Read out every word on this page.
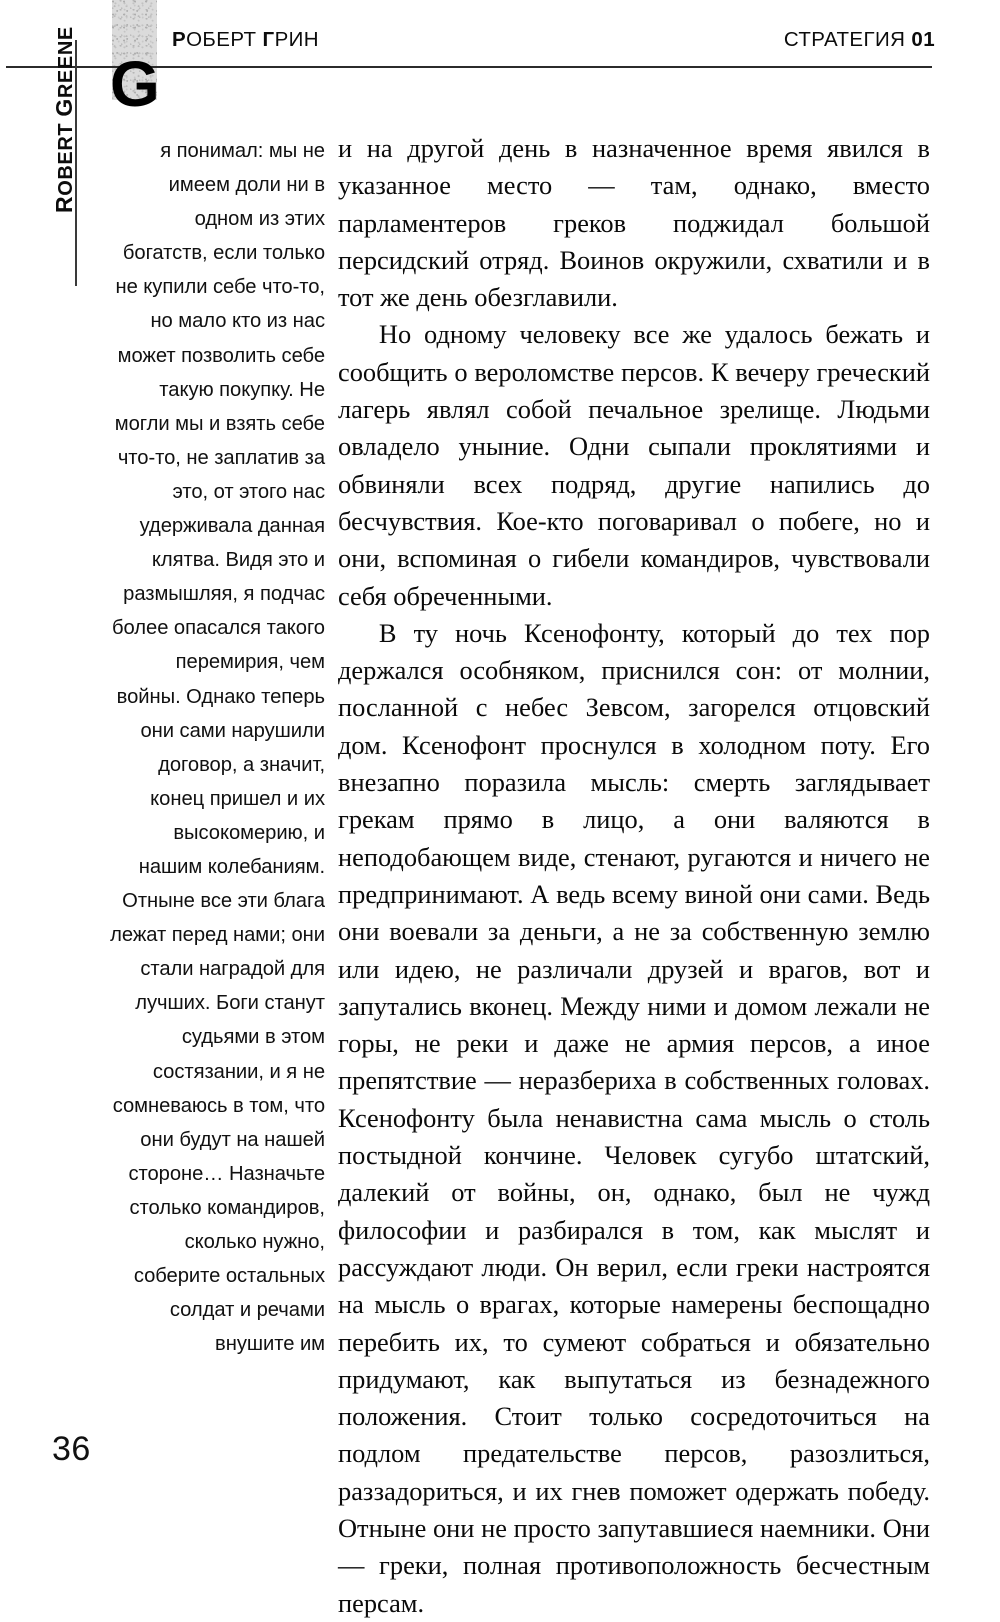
РОБЕРТ ГРИН	СТРАТЕГИЯ 01
G
ROBERT GREENE

я понимал: мы не имеем доли ни в одном из этих богатств, если только не купили себе что-то, но мало кто из нас может позволить себе такую покупку. Не могли мы и взять себе что-то, не заплатив за это, от этого нас удерживала данная клятва. Видя это и размышляя, я подчас более опасался такого перемирия, чем войны. Однако теперь они сами нарушили договор, а значит, конец пришел и их высокомерию, и нашим колебаниям. Отныне все эти блага лежат перед нами; они стали наградой для лучших. Боги станут судьями в этом состязании, и я не сомневаюсь в том, что они будут на нашей стороне… Назначьте столько командиров, сколько нужно, соберите остальных солдат и речами внушите им

и на другой день в назначенное время явился в указанное место — там, однако, вместо парламентеров греков поджидал большой персидский отряд. Воинов окружили, схватили и в тот же день обезглавили.

Но одному человеку все же удалось бежать и сообщить о вероломстве персов. К вечеру греческий лагерь являл собой печальное зрелище. Людьми овладело уныние. Одни сыпали проклятиями и обвиняли всех подряд, другие напились до бесчувствия. Кое-кто поговаривал о побеге, но и они, вспоминая о гибели командиров, чувствовали себя обреченными.

В ту ночь Ксенофонту, который до тех пор держался особняком, приснился сон: от молнии, посланной с небес Зевсом, загорелся отцовский дом. Ксенофонт проснулся в холодном поту. Его внезапно поразила мысль: смерть заглядывает грекам прямо в лицо, а они валяются в неподобающем виде, стенают, ругаются и ничего не предпринимают. А ведь всему виной они сами. Ведь они воевали за деньги, а не за собственную землю или идею, не различали друзей и врагов, вот и запутались вконец. Между ними и домом лежали не горы, не реки и даже не армия персов, а иное препятствие — неразбериха в собственных головах. Ксенофонту была ненавистна сама мысль о столь постыдной кончине. Человек сугубо штатский, далекий от войны, он, однако, был не чужд философии и разбирался в том, как мыслят и рассуждают люди. Он верил, если греки настроятся на мысль о врагах, которые намерены беспощадно перебить их, то сумеют собраться и обязательно придумают, как выпутаться из безнадежного положения. Стоит только сосредоточиться на подлом предательстве персов, разозлиться, раззадориться, и их гнев поможет одержать победу. Отныне они не просто запутавшиеся наемники. Они — греки, полная противоположность бесчестным персам.

36
